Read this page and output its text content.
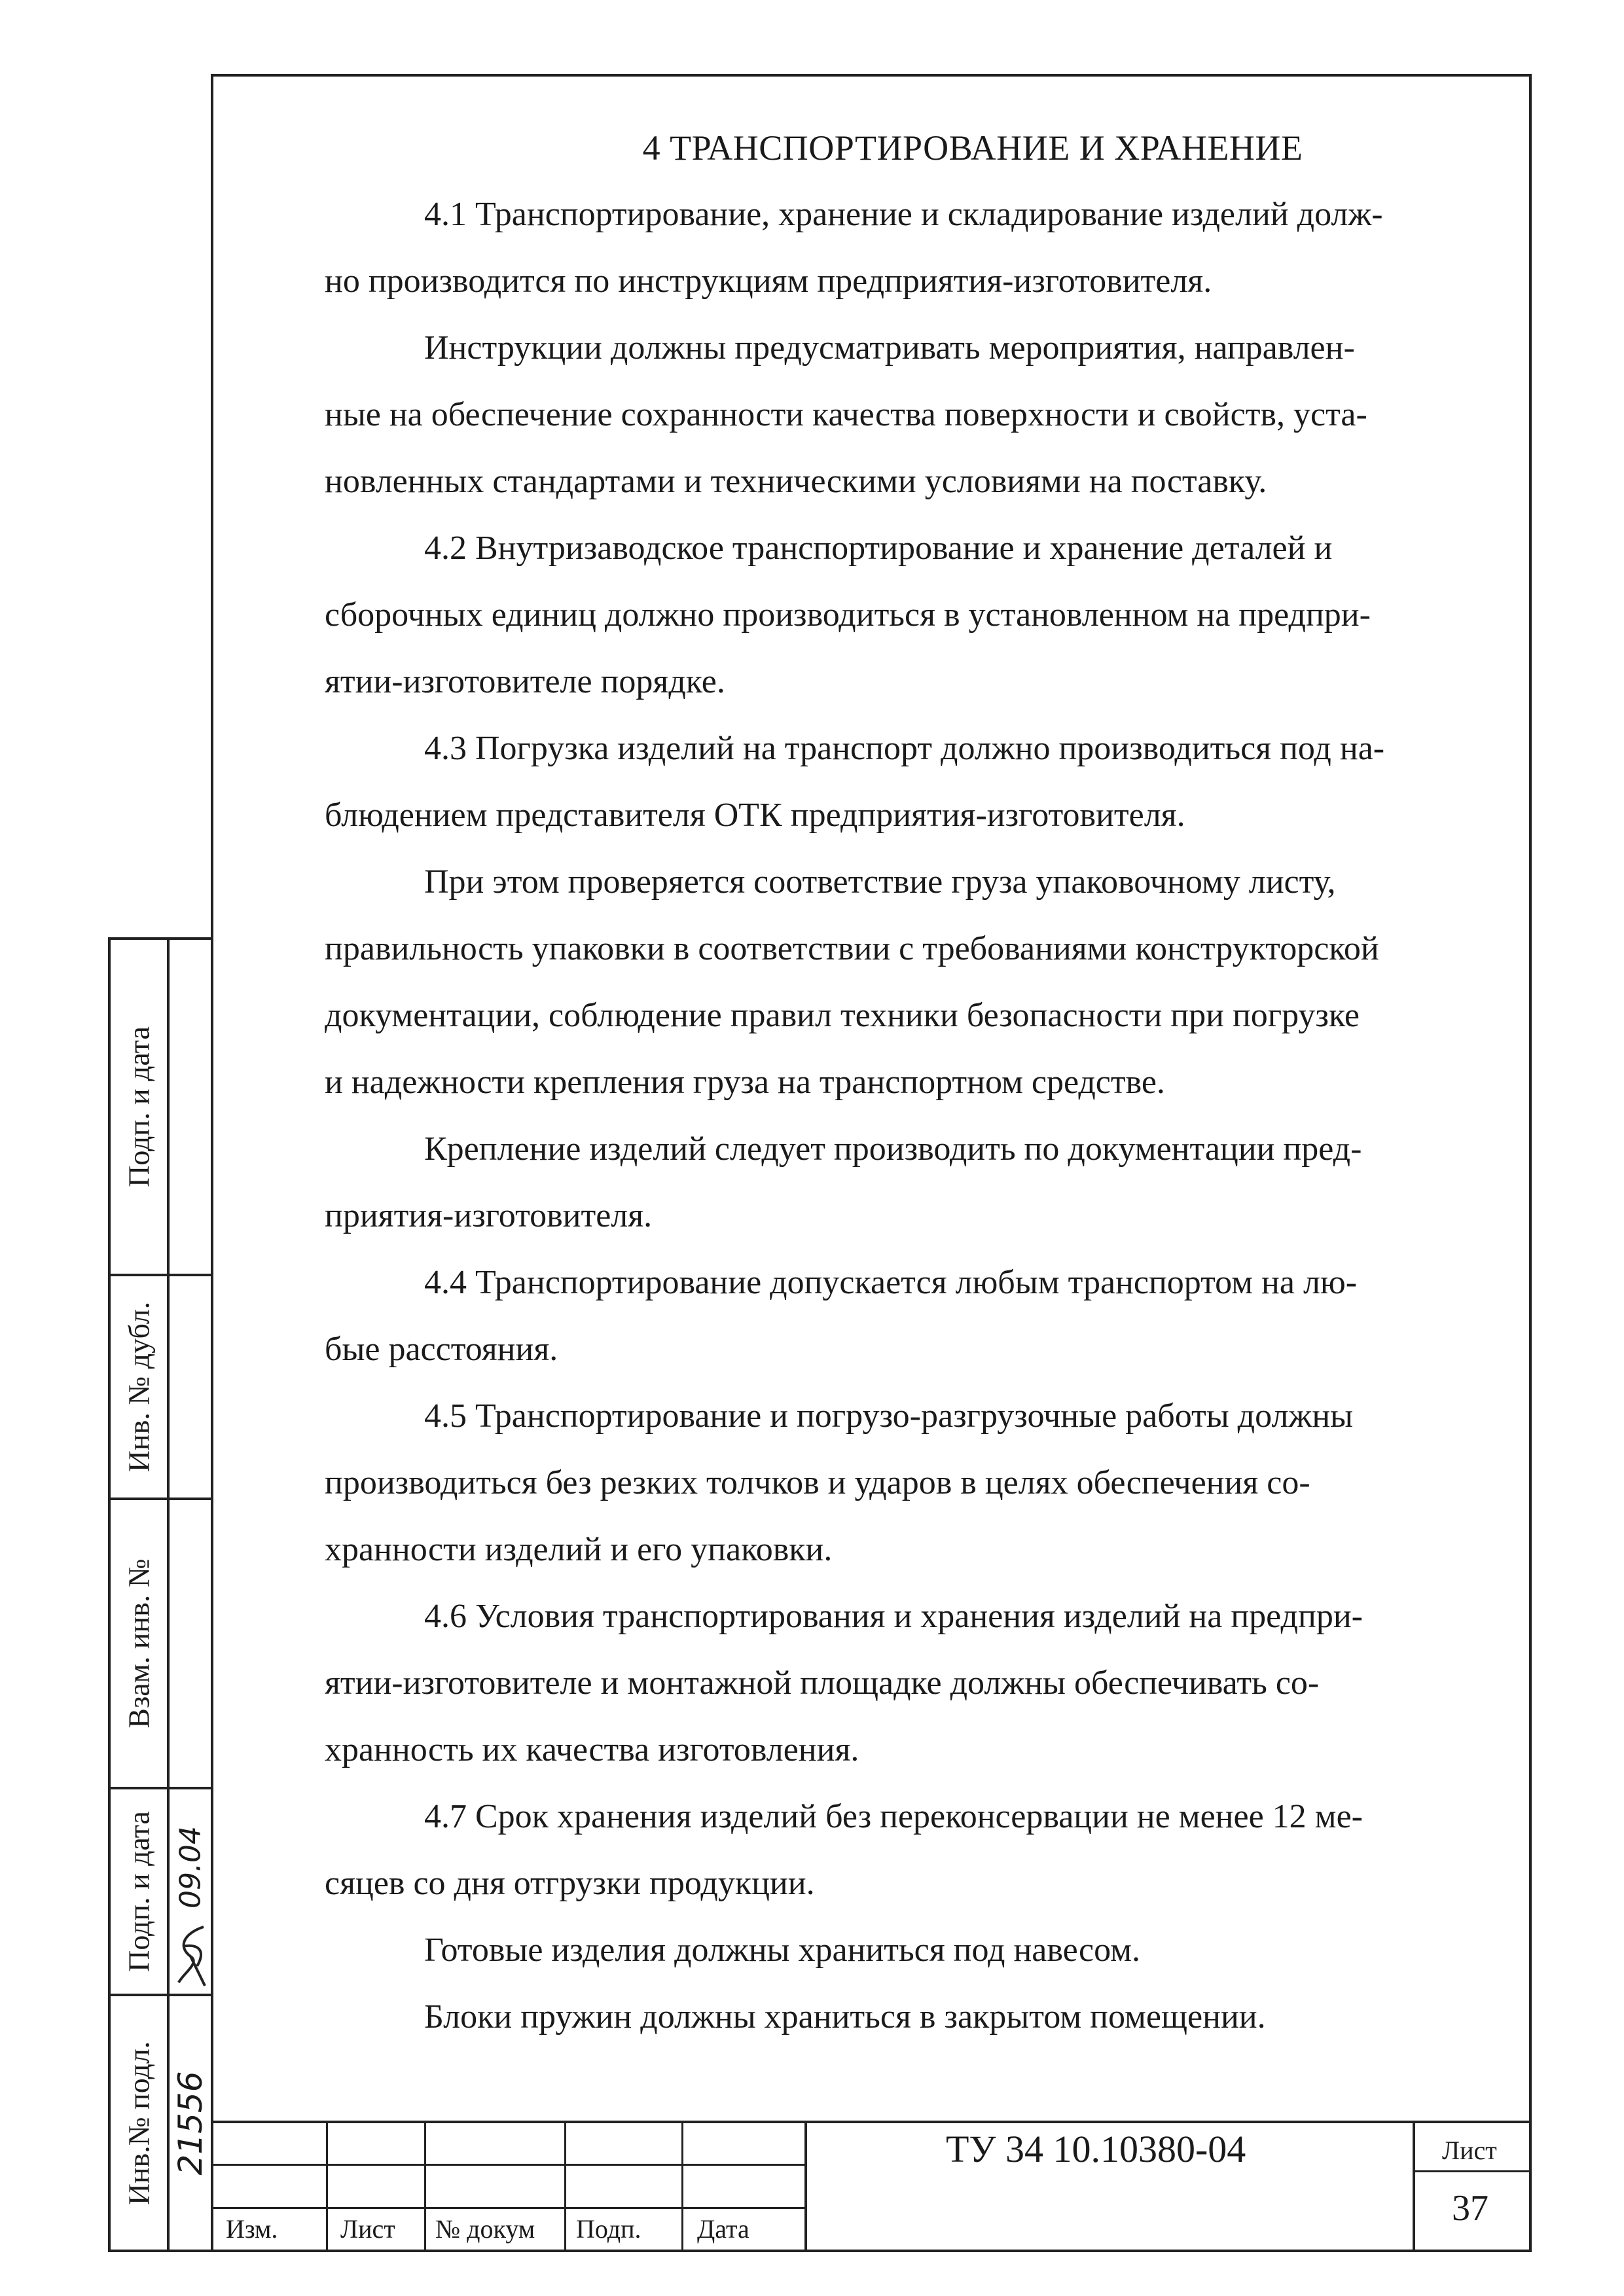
4 ТРАНСПОРТИРОВАНИЕ И ХРАНЕНИЕ

4.1 Транспортирование, хранение и складирование изделий долж-
но производится по инструкциям предприятия-изготовителя.

Инструкции должны предусматривать мероприятия, направлен-
ные на обеспечение сохранности качества поверхности и свойств, уста-
новленных стандартами и техническими условиями на поставку.

4.2 Внутризаводское транспортирование и хранение деталей и
сборочных единиц должно производиться в установленном на предпри-
ятии-изготовителе порядке.

4.3 Погрузка изделий на транспорт должно производиться под на-
блюдением представителя ОТК предприятия-изготовителя.

При этом проверяется соответствие груза упаковочному листу,
правильность упаковки в соответствии с требованиями конструкторской
документации, соблюдение правил техники безопасности при погрузке
и надежности крепления груза на транспортном средстве.

Крепление изделий следует производить по документации пред-
приятия-изготовителя.

4.4 Транспортирование допускается любым транспортом на лю-
бые расстояния.

4.5 Транспортирование и погрузо-разгрузочные работы должны
производиться без резких толчков и ударов в целях обеспечения со-
хранности изделий и его упаковки.

4.6 Условия транспортирования и хранения изделий на предпри-
ятии-изготовителе и монтажной площадке должны обеспечивать со-
хранность их качества изготовления.

4.7 Срок хранения изделий без переконсервации не менее 12 ме-
сяцев со дня отгрузки продукции.

Готовые изделия должны храниться под навесом.

Блоки пружин должны храниться в закрытом помещении.

Подп. и дата
Инв. № дубл.
Взам. инв. №
Подп. и дата 09.04
Инв.№ подл. 21556
Изм. Лист № докум Подп. Дата
ТУ 34 10.10380-04	Лист
37
